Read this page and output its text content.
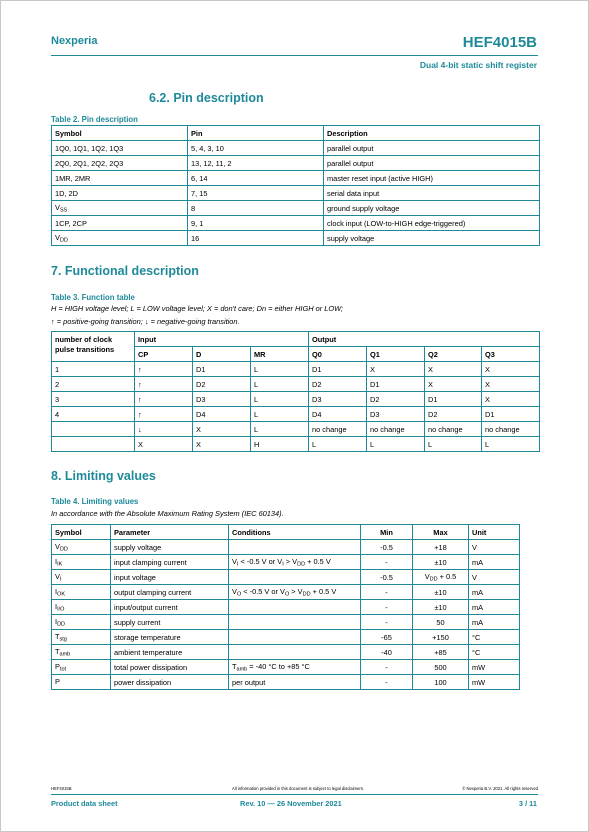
Nexperia	HEF4015B
Dual 4-bit static shift register
6.2. Pin description
Table 2. Pin description
Symbol	Pin	Description
1Q0, 1Q1, 1Q2, 1Q3	5, 4, 3, 10	parallel output
2Q0, 2Q1, 2Q2, 2Q3	13, 12, 11, 2	parallel output
1MR, 2MR	6, 14	master reset input (active HIGH)
1D, 2D	7, 15	serial data input
$V_{SS}$	8	ground supply voltage
1CP, 2CP	9, 1	clock input (LOW-to-HIGH edge-triggered)
$V_{DD}$	16	supply voltage
7. Functional description
Table 3. Function table
H = HIGH voltage level; L = LOW voltage level; X = don't care; Dn = either HIGH or LOW;
↑ = positive-going transition; ↓ = negative-going transition.
number of clock pulse transitions	Input			Output			
	CP	D	MR	Q0	Q1	Q2	Q3
1	↑	D1	L	D1	X	X	X
2	↑	D2	L	D2	D1	X	X
3	↑	D3	L	D3	D2	D1	X
4	↑	D4	L	D4	D3	D2	D1
	↓	X	L	no change	no change	no change	no change
	X	X	H	L	L	L	L
8. Limiting values
Table 4. Limiting values
In accordance with the Absolute Maximum Rating System (IEC 60134).
Symbol	Parameter	Conditions	Min	Max	Unit
$V_{DD}$	supply voltage		-0.5	+18	V
$I_{IK}$	input clamping current	$V_I < -0.5$ V or $V_I > V_{DD} + 0.5$ V	-	±10	mA
$V_I$	input voltage		-0.5	$V_{DD} + 0.5$	V
$I_{OK}$	output clamping current	$V_O < -0.5$ V or $V_O > V_{DD} + 0.5$ V	-	±10	mA
$I_{I/O}$	input/output current		-	±10	mA
$I_{DD}$	supply current		-	50	mA
$T_{stg}$	storage temperature		-65	+150	°C
$T_{amb}$	ambient temperature		-40	+85	°C
$P_{tot}$	total power dissipation	$T_{amb} = -40$ °C to +85 °C	-	500	mW
P	power dissipation	per output	-	100	mW
HEF4015B	All information provided in this document is subject to legal disclaimers.	© Nexperia B.V. 2021. All rights reserved
Product data sheet	Rev. 10 — 26 November 2021	3 / 11
